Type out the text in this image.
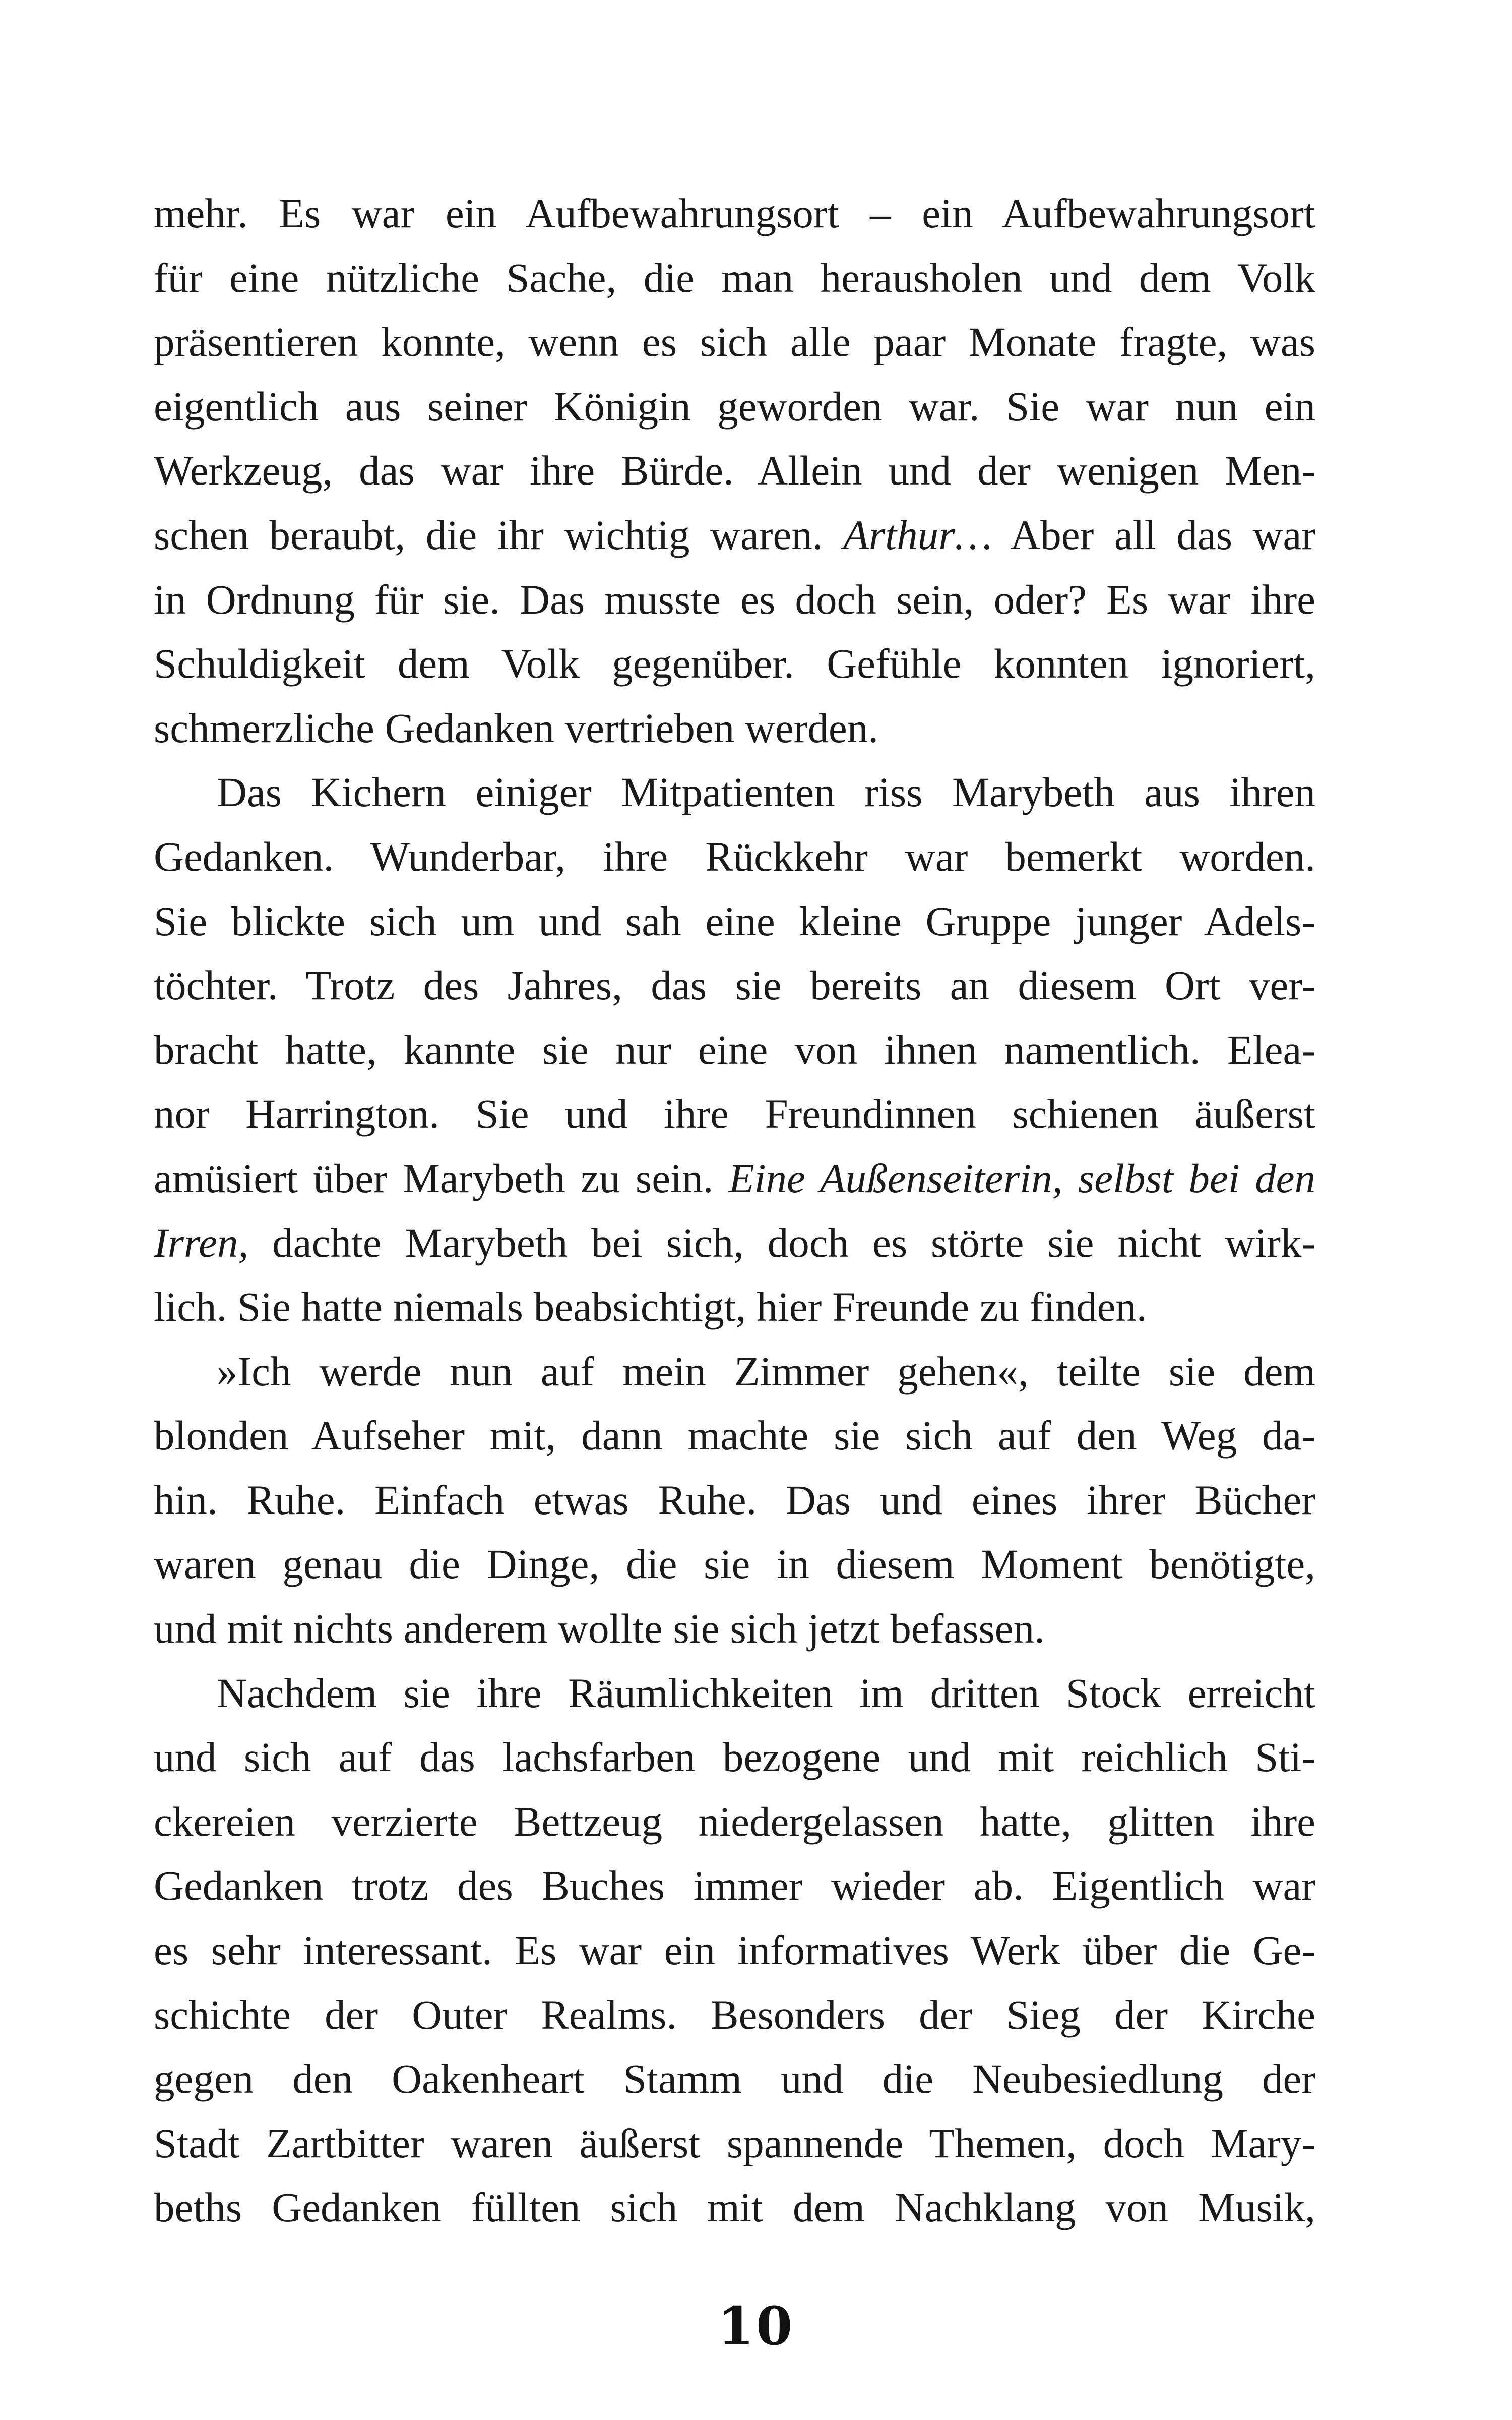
mehr. Es war ein Aufbewahrungsort – ein Aufbewahrungsort
für eine nützliche Sache, die man herausholen und dem Volk
präsentieren konnte, wenn es sich alle paar Monate fragte, was
eigentlich aus seiner Königin geworden war. Sie war nun ein
Werkzeug, das war ihre Bürde. Allein und der wenigen Men-
schen beraubt, die ihr wichtig waren. Arthur… Aber all das war
in Ordnung für sie. Das musste es doch sein, oder? Es war ihre
Schuldigkeit dem Volk gegenüber. Gefühle konnten ignoriert,
schmerzliche Gedanken vertrieben werden.
Das Kichern einiger Mitpatienten riss Marybeth aus ihren
Gedanken. Wunderbar, ihre Rückkehr war bemerkt worden.
Sie blickte sich um und sah eine kleine Gruppe junger Adels-
töchter. Trotz des Jahres, das sie bereits an diesem Ort ver-
bracht hatte, kannte sie nur eine von ihnen namentlich. Elea-
nor Harrington. Sie und ihre Freundinnen schienen äußerst
amüsiert über Marybeth zu sein. Eine Außenseiterin, selbst bei den
Irren, dachte Marybeth bei sich, doch es störte sie nicht wirk-
lich. Sie hatte niemals beabsichtigt, hier Freunde zu finden.
»Ich werde nun auf mein Zimmer gehen«, teilte sie dem
blonden Aufseher mit, dann machte sie sich auf den Weg da-
hin. Ruhe. Einfach etwas Ruhe. Das und eines ihrer Bücher
waren genau die Dinge, die sie in diesem Moment benötigte,
und mit nichts anderem wollte sie sich jetzt befassen.
Nachdem sie ihre Räumlichkeiten im dritten Stock erreicht
und sich auf das lachsfarben bezogene und mit reichlich Sti-
ckereien verzierte Bettzeug niedergelassen hatte, glitten ihre
Gedanken trotz des Buches immer wieder ab. Eigentlich war
es sehr interessant. Es war ein informatives Werk über die Ge-
schichte der Outer Realms. Besonders der Sieg der Kirche
gegen den Oakenheart Stamm und die Neubesiedlung der
Stadt Zartbitter waren äußerst spannende Themen, doch Mary-
beths Gedanken füllten sich mit dem Nachklang von Musik,
10
